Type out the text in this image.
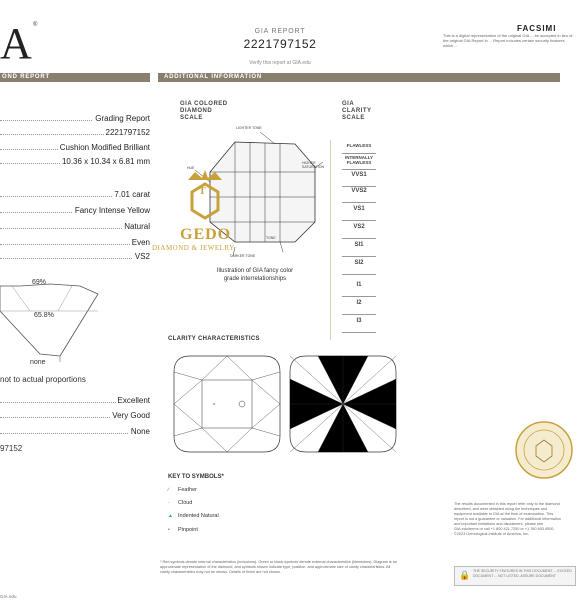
A ®
GIA REPORT
2221797152
Verify this report at GIA.edu
FACSIMI
This is a digital representation of the original GIA ... be accepted in lieu of the original GIA Report in ... Report includes certain security features which ...
OND REPORT	ADDITIONAL INFORMATION
Grading Report
2221797152
Cushion Modified Brilliant
10.36 x 10.34 x 6.81 mm
7.01 carat
Fancy Intense Yellow
Natural
Even
VS2
69%
65.8%
none
not to actual proportions
Excellent
Very Good
None
97152
GIA.edu
GIA COLORED
DIAMOND
SCALE
GIA
CLARITY
SCALE
LIGHTER TONE
HIGHER SATURATION
HUE
TONE
DARKER TONE
T
GEDO
DIAMOND & JEWELRY
Illustration of GIA fancy color
grade interrelationships
FLAWLESS
INTERNALLY FLAWLESS
VVS1
VVS2
VS1
VS2
SI1
SI2
I1
I2
I3
CLARITY CHARACTERISTICS
KEY TO SYMBOLS*
∕ Feather
· Cloud
▲ Indented Natural
• Pinpoint
* Red symbols denote internal characteristics (inclusions). Green or black symbols denote external characteristics (blemishes). Diagram is an approximate representation of the diamond, and symbols shown indicate type, position, and approximate size of clarity characteristics. All clarity characteristics may not be shown. Details of finish are not shown.
The results documented in this report refer only to the diamond described, and were obtained using the techniques and equipment available to GIA at the time of examination. This report is not a guarantee or valuation. For additional information and important limitations and disclaimers, please see GIA.edu/terms or call +1 800 421 7250 or +1 760 603 4500. ©2023 Gemological Institute of America, Inc.
🔒 THE SECURITY FEATURES IN THIS DOCUMENT ... EXCEED DOCUMENT ... NOT LISTED, ASSURE DOCUMENT
